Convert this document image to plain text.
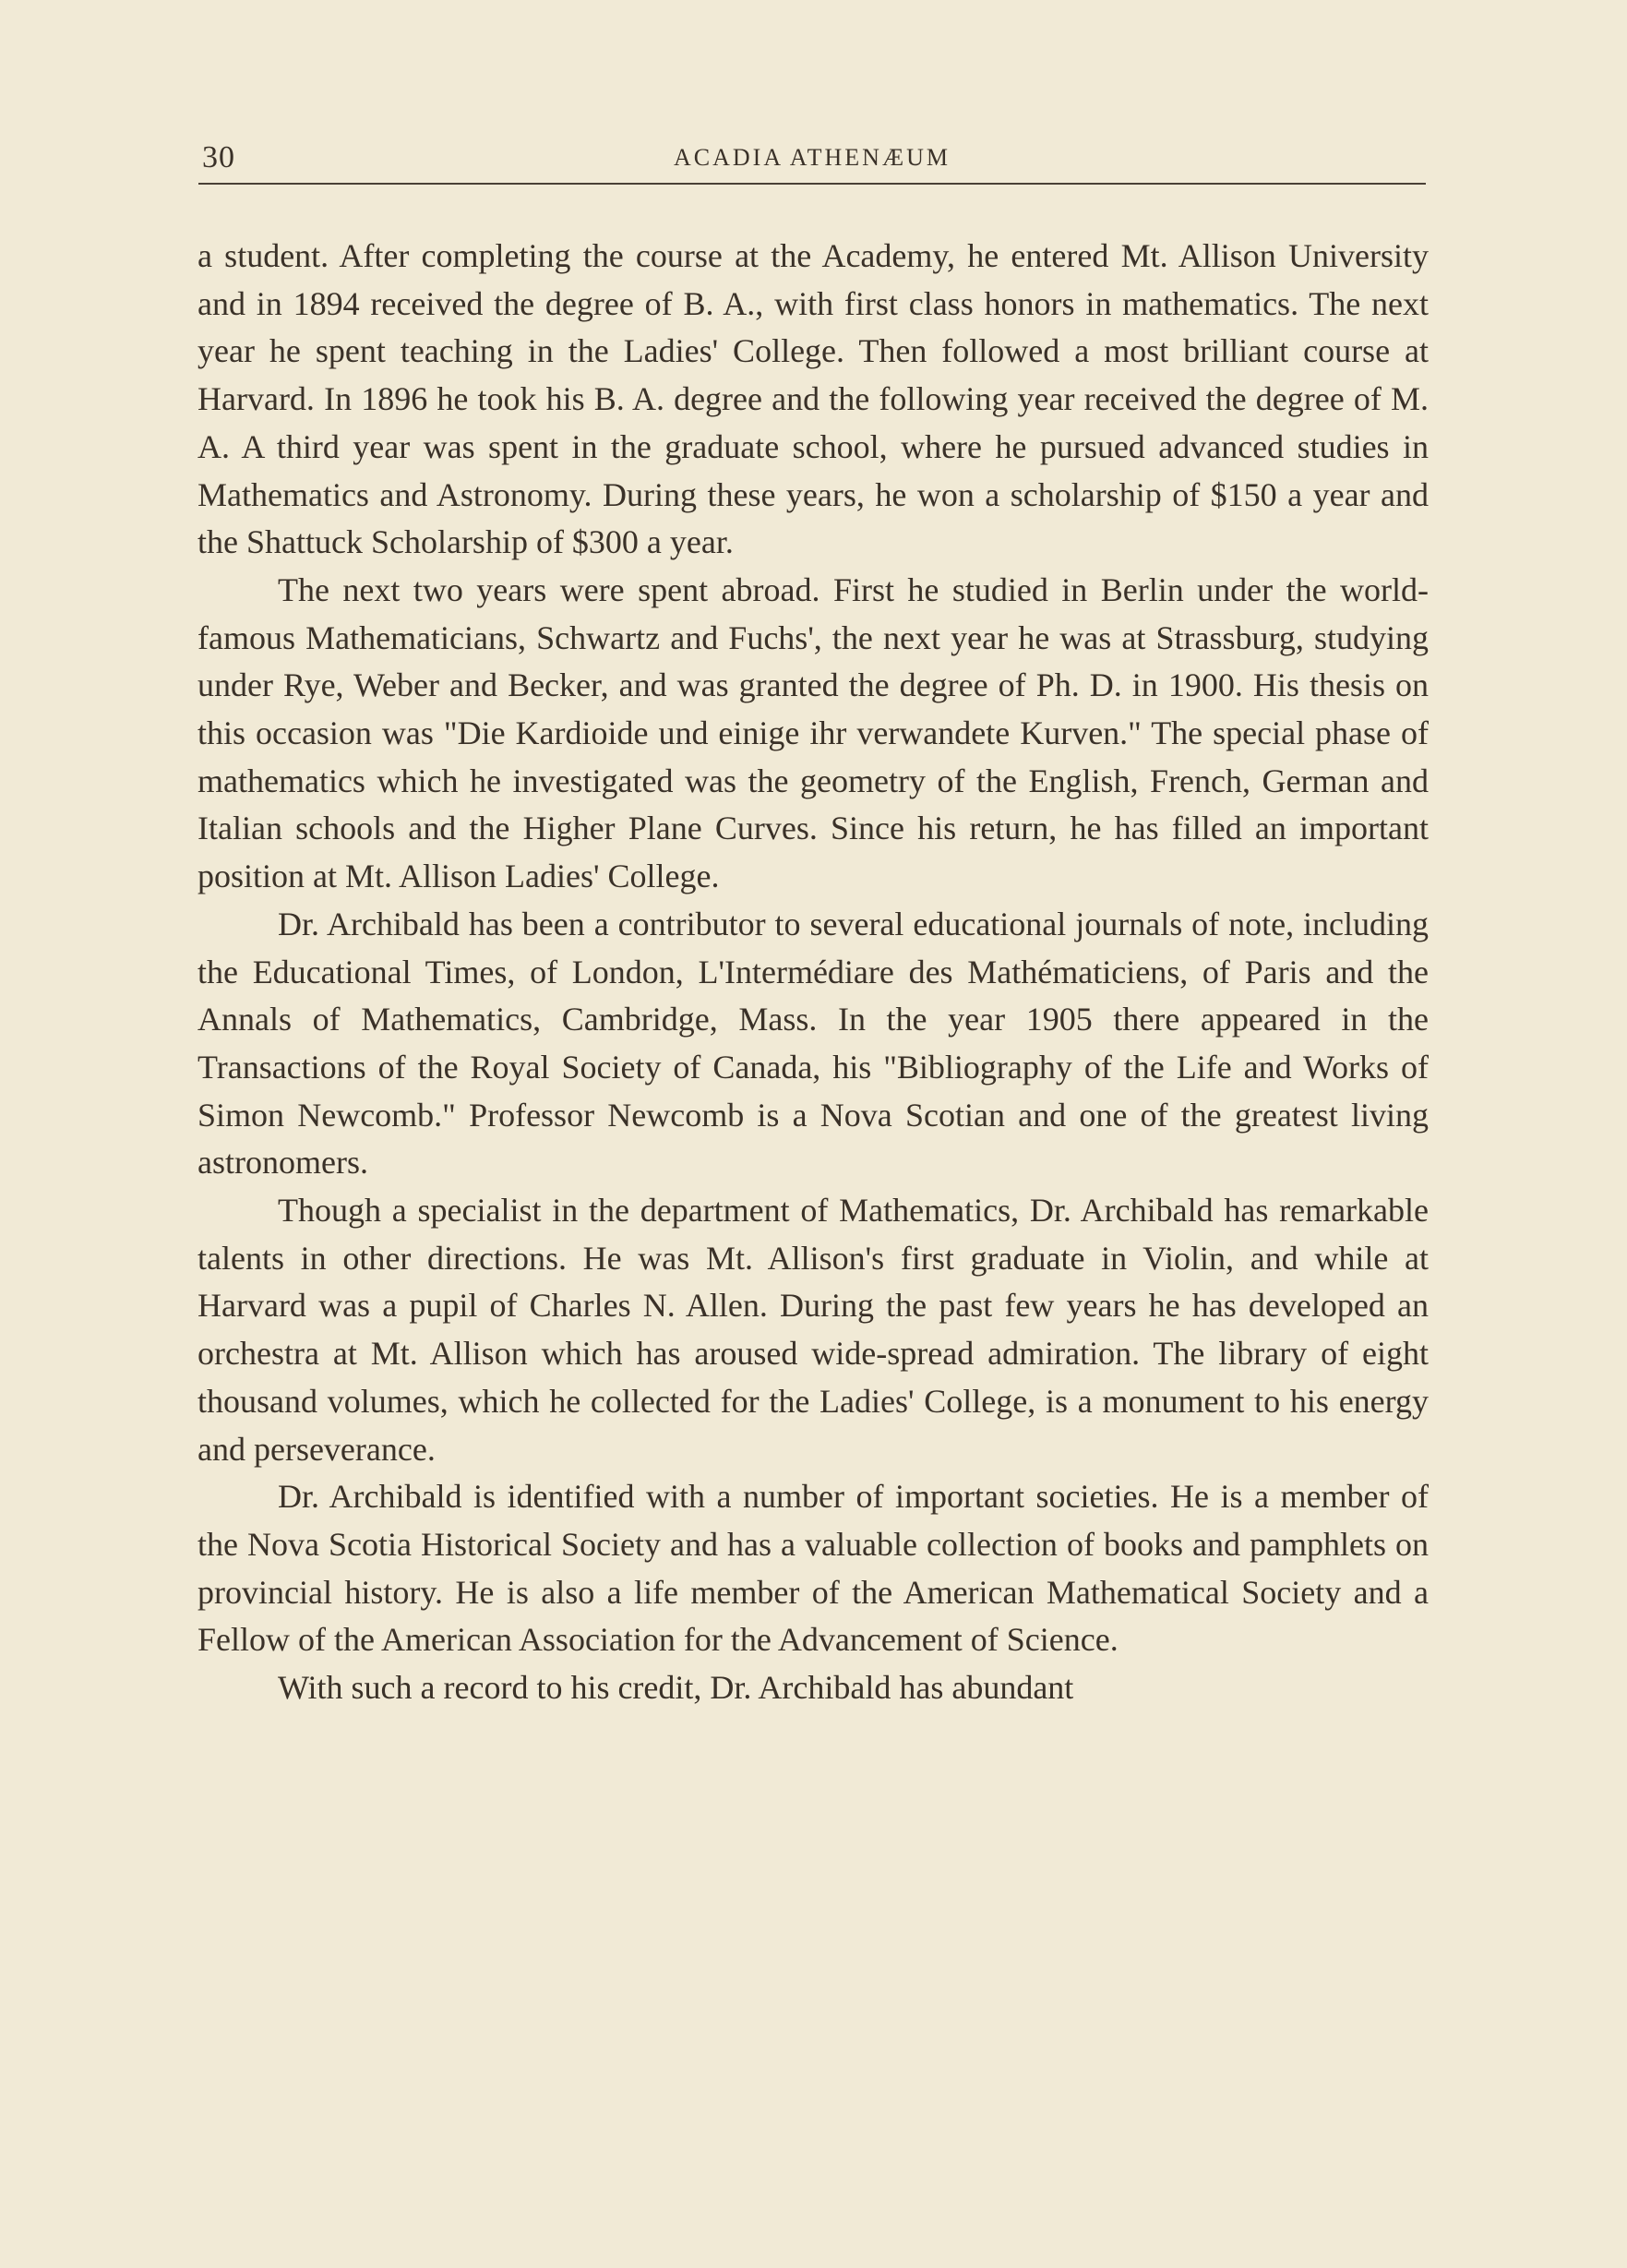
30	ACADIA ATHENÆUM

a student. After completing the course at the Academy, he entered Mt. Allison University and in 1894 received the degree of B. A., with first class honors in mathematics. The next year he spent teaching in the Ladies' College. Then followed a most brilliant course at Harvard. In 1896 he took his B. A. degree and the following year received the degree of M. A. A third year was spent in the graduate school, where he pursued advanced studies in Mathematics and Astronomy. During these years, he won a scholarship of $150 a year and the Shattuck Scholarship of $300 a year.

The next two years were spent abroad. First he studied in Berlin under the world-famous Mathematicians, Schwartz and Fuchs', the next year he was at Strassburg, studying under Rye, Weber and Becker, and was granted the degree of Ph. D. in 1900. His thesis on this occasion was "Die Kardioide und einige ihr verwandete Kurven." The special phase of mathematics which he investigated was the geometry of the English, French, German and Italian schools and the Higher Plane Curves. Since his return, he has filled an important position at Mt. Allison Ladies' College.

Dr. Archibald has been a contributor to several educational journals of note, including the Educational Times, of London, L'Intermédiare des Mathématiciens, of Paris and the Annals of Mathematics, Cambridge, Mass. In the year 1905 there appeared in the Transactions of the Royal Society of Canada, his "Bibliography of the Life and Works of Simon Newcomb." Professor Newcomb is a Nova Scotian and one of the greatest living astronomers.

Though a specialist in the department of Mathematics, Dr. Archibald has remarkable talents in other directions. He was Mt. Allison's first graduate in Violin, and while at Harvard was a pupil of Charles N. Allen. During the past few years he has developed an orchestra at Mt. Allison which has aroused wide-spread admiration. The library of eight thousand volumes, which he collected for the Ladies' College, is a monument to his energy and perseverance.

Dr. Archibald is identified with a number of important societies. He is a member of the Nova Scotia Historical Society and has a valuable collection of books and pamphlets on provincial history. He is also a life member of the American Mathematical Society and a Fellow of the American Association for the Advancement of Science.

With such a record to his credit, Dr. Archibald has abundant
